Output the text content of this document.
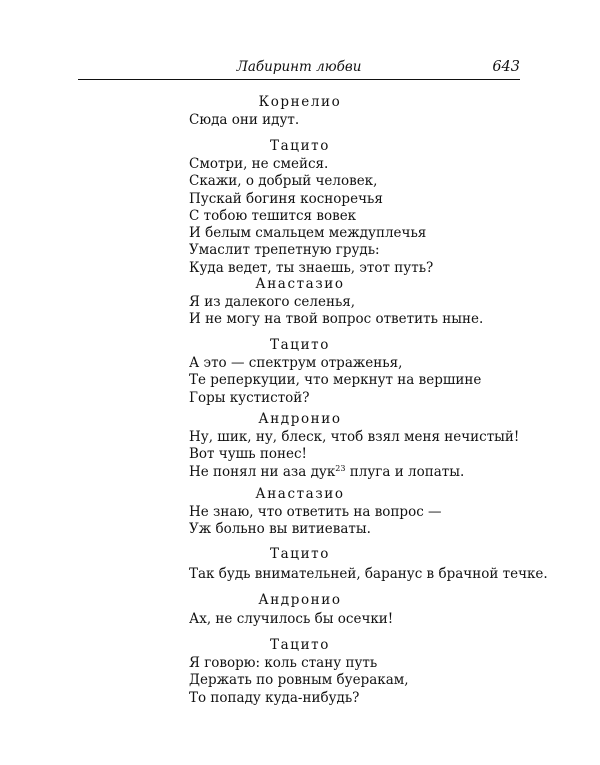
Лабиринт любви	643
Корнелио
Сюда они идут.
Тацито
Смотри, не смейся.
Скажи, о добрый человек,
Пускай богиня косноречья
С тобою тешится вовек
И белым смальцем междуплечья
Умаслит трепетную грудь:
Куда ведет, ты знаешь, этот путь?
Анастазио
Я из далекого селенья,
И не могу на твой вопрос ответить ныне.
Тацито
А это — спектрум отраженья,
Те реперкуции, что меркнут на вершине
Горы кустистой?
Андронио
Ну, шик, ну, блеск, чтоб взял меня нечистый!
Вот чушь понес!
Не понял ни аза дук$^{23}$ плуга и лопаты.
Анастазио
Не знаю, что ответить на вопрос —
Уж больно вы витиеваты.
Тацито
Так будь внимательней, баранус в брачной течке.
Андронио
Ах, не случилось бы осечки!
Тацито
Я говорю: коль стану путь
Держать по ровным буеракам,
То попаду куда-нибудь?
